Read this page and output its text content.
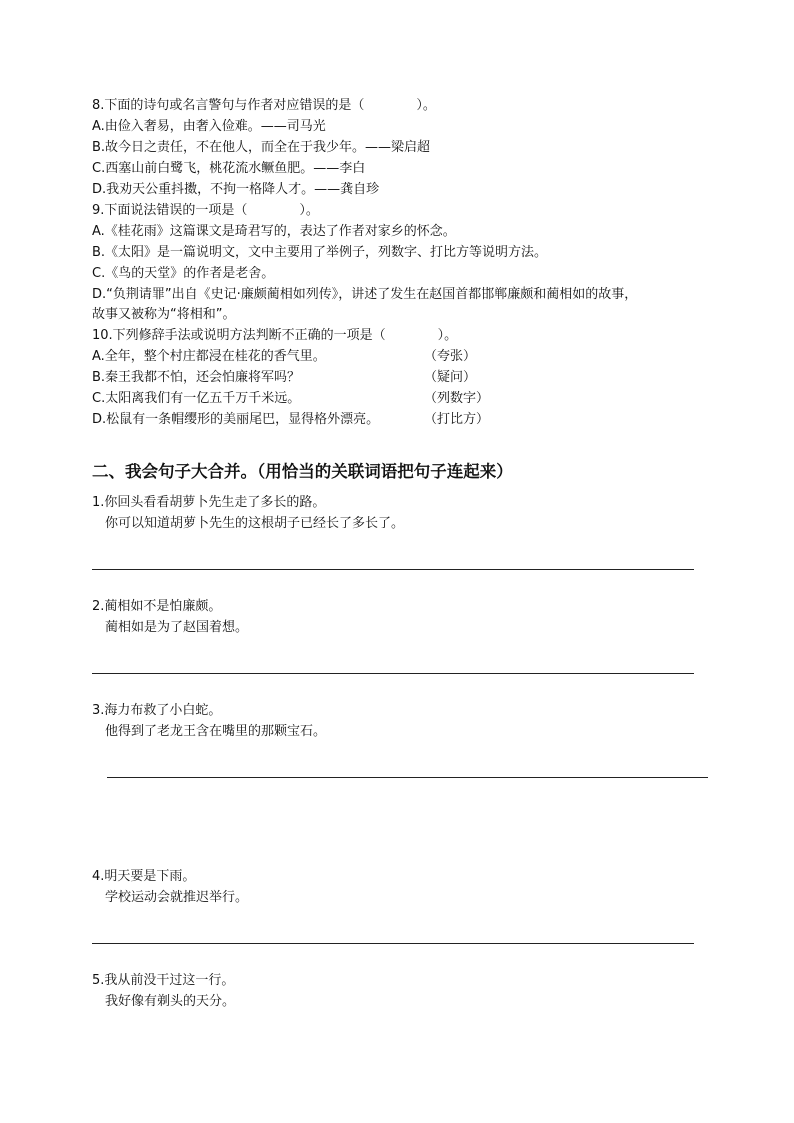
8.下面的诗句或名言警句与作者对应错误的是（　　　　）。
A.由俭入奢易，由奢入俭难。——司马光
B.故今日之责任，不在他人，而全在于我少年。——梁启超
C.西塞山前白鹭飞，桃花流水鳜鱼肥。——李白
D.我劝天公重抖擞，不拘一格降人才。——龚自珍
9.下面说法错误的一项是（　　　　）。
A.《桂花雨》这篇课文是琦君写的，表达了作者对家乡的怀念。
B.《太阳》是一篇说明文，文中主要用了举例子，列数字、打比方等说明方法。
C.《鸟的天堂》的作者是老舍。
D.“负荆请罪”出自《史记·廉颇蔺相如列传》，讲述了发生在赵国首都邯郸廉颇和蔺相如的故事，
故事又被称为“将相和”。
10.下列修辞手法或说明方法判断不正确的一项是（　　　　）。
A.全年，整个村庄都浸在桂花的香气里。	（夸张）
B.秦王我都不怕，还会怕廉将军吗？	（疑问）
C.太阳离我们有一亿五千万千米远。	（列数字）
D.松鼠有一条帽缨形的美丽尾巴，显得格外漂亮。	（打比方）
二、我会句子大合并。（用恰当的关联词语把句子连起来）
1.你回头看看胡萝卜先生走了多长的路。
你可以知道胡萝卜先生的这根胡子已经长了多长了。
2.蔺相如不是怕廉颇。
蔺相如是为了赵国着想。
3.海力布救了小白蛇。
他得到了老龙王含在嘴里的那颗宝石。
4.明天要是下雨。
学校运动会就推迟举行。
5.我从前没干过这一行。
我好像有剃头的天分。
